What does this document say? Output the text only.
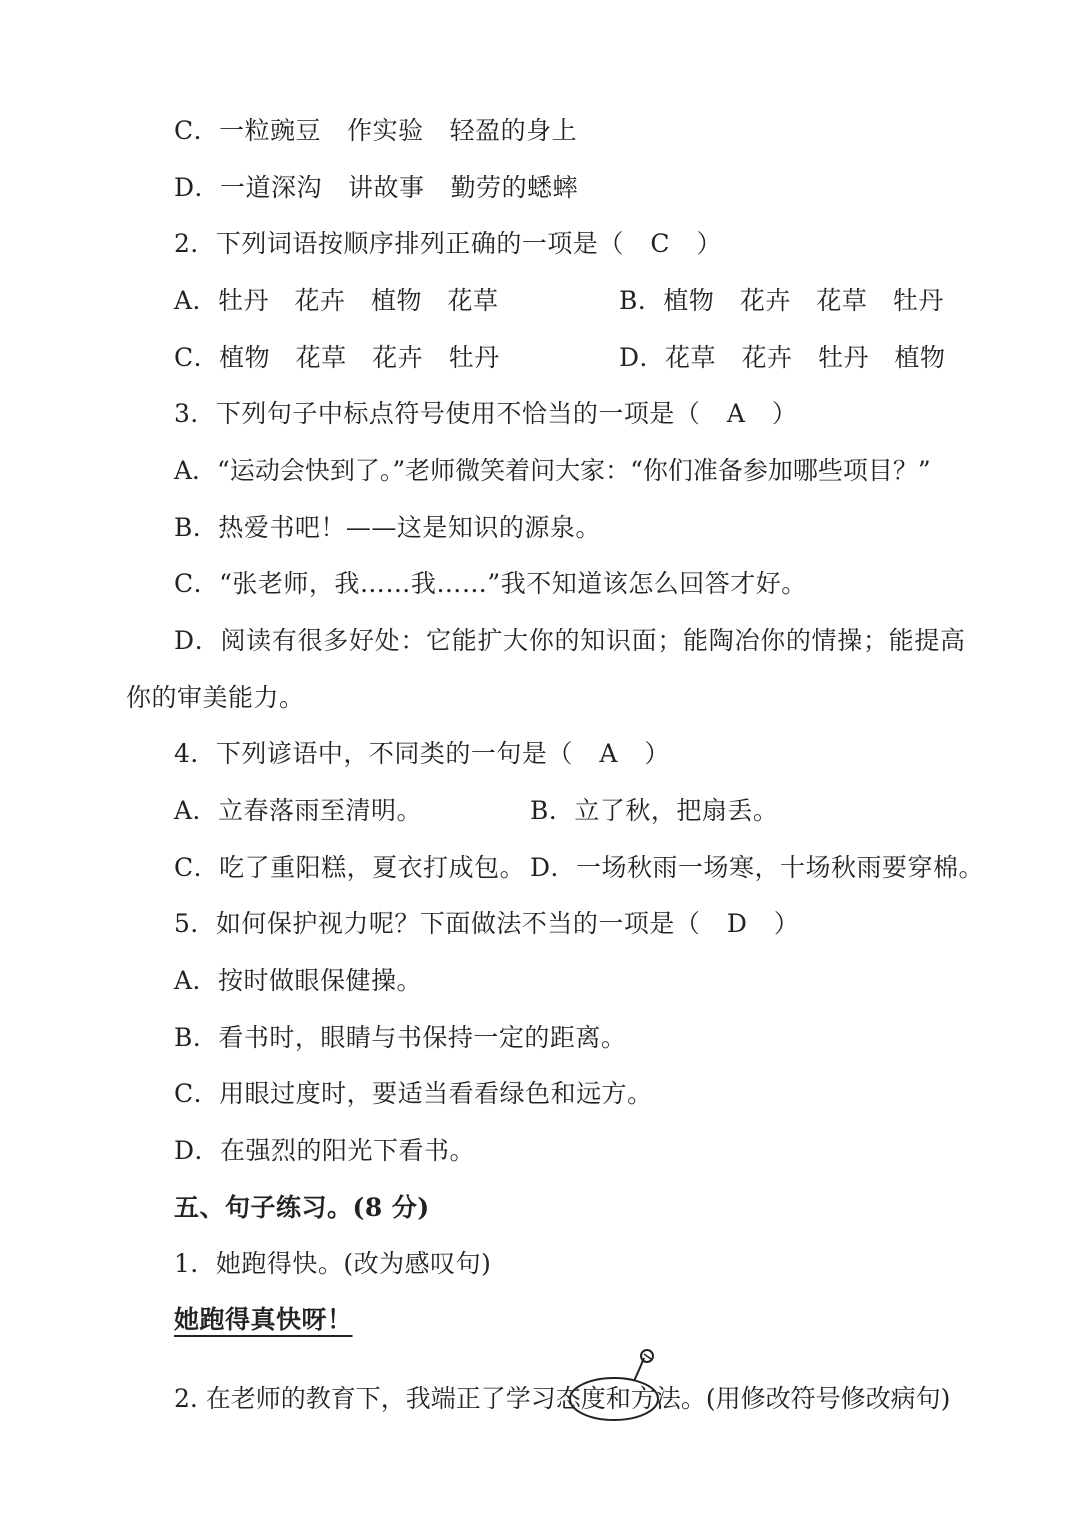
C．一粒豌豆 作实验 轻盈的身上
D．一道深沟 讲故事 勤劳的蟋蟀
2．下列词语按顺序排列正确的一项是（ C ）
A．牡丹　花卉　植物　花草	B．植物　花卉　花草　牡丹
C．植物　花草　花卉　牡丹	D．花草　花卉　牡丹　植物
3．下列句子中标点符号使用不恰当的一项是（ A ）
A．“运动会快到了。”老师微笑着问大家：“你们准备参加哪些项目？”
B．热爱书吧！——这是知识的源泉。
C．“张老师，我……我……”我不知道该怎么回答才好。
D．阅读有很多好处：它能扩大你的知识面；能陶冶你的情操；能提高
你的审美能力。
4．下列谚语中，不同类的一句是（ A ）
A．立春落雨至清明。	B．立了秋，把扇丢。
C．吃了重阳糕，夏衣打成包。 D．一场秋雨一场寒，十场秋雨要穿棉。
5．如何保护视力呢？下面做法不当的一项是（ D ）
A．按时做眼保健操。
B．看书时，眼睛与书保持一定的距离。
C．用眼过度时，要适当看看绿色和远方。
D．在强烈的阳光下看书。
五、句子练习。(8 分)
1．她跑得快。(改为感叹句)
她跑得真快呀！
2. 在老师的教育下，我端正了学习态度和方法。(用修改符号修改病句)
